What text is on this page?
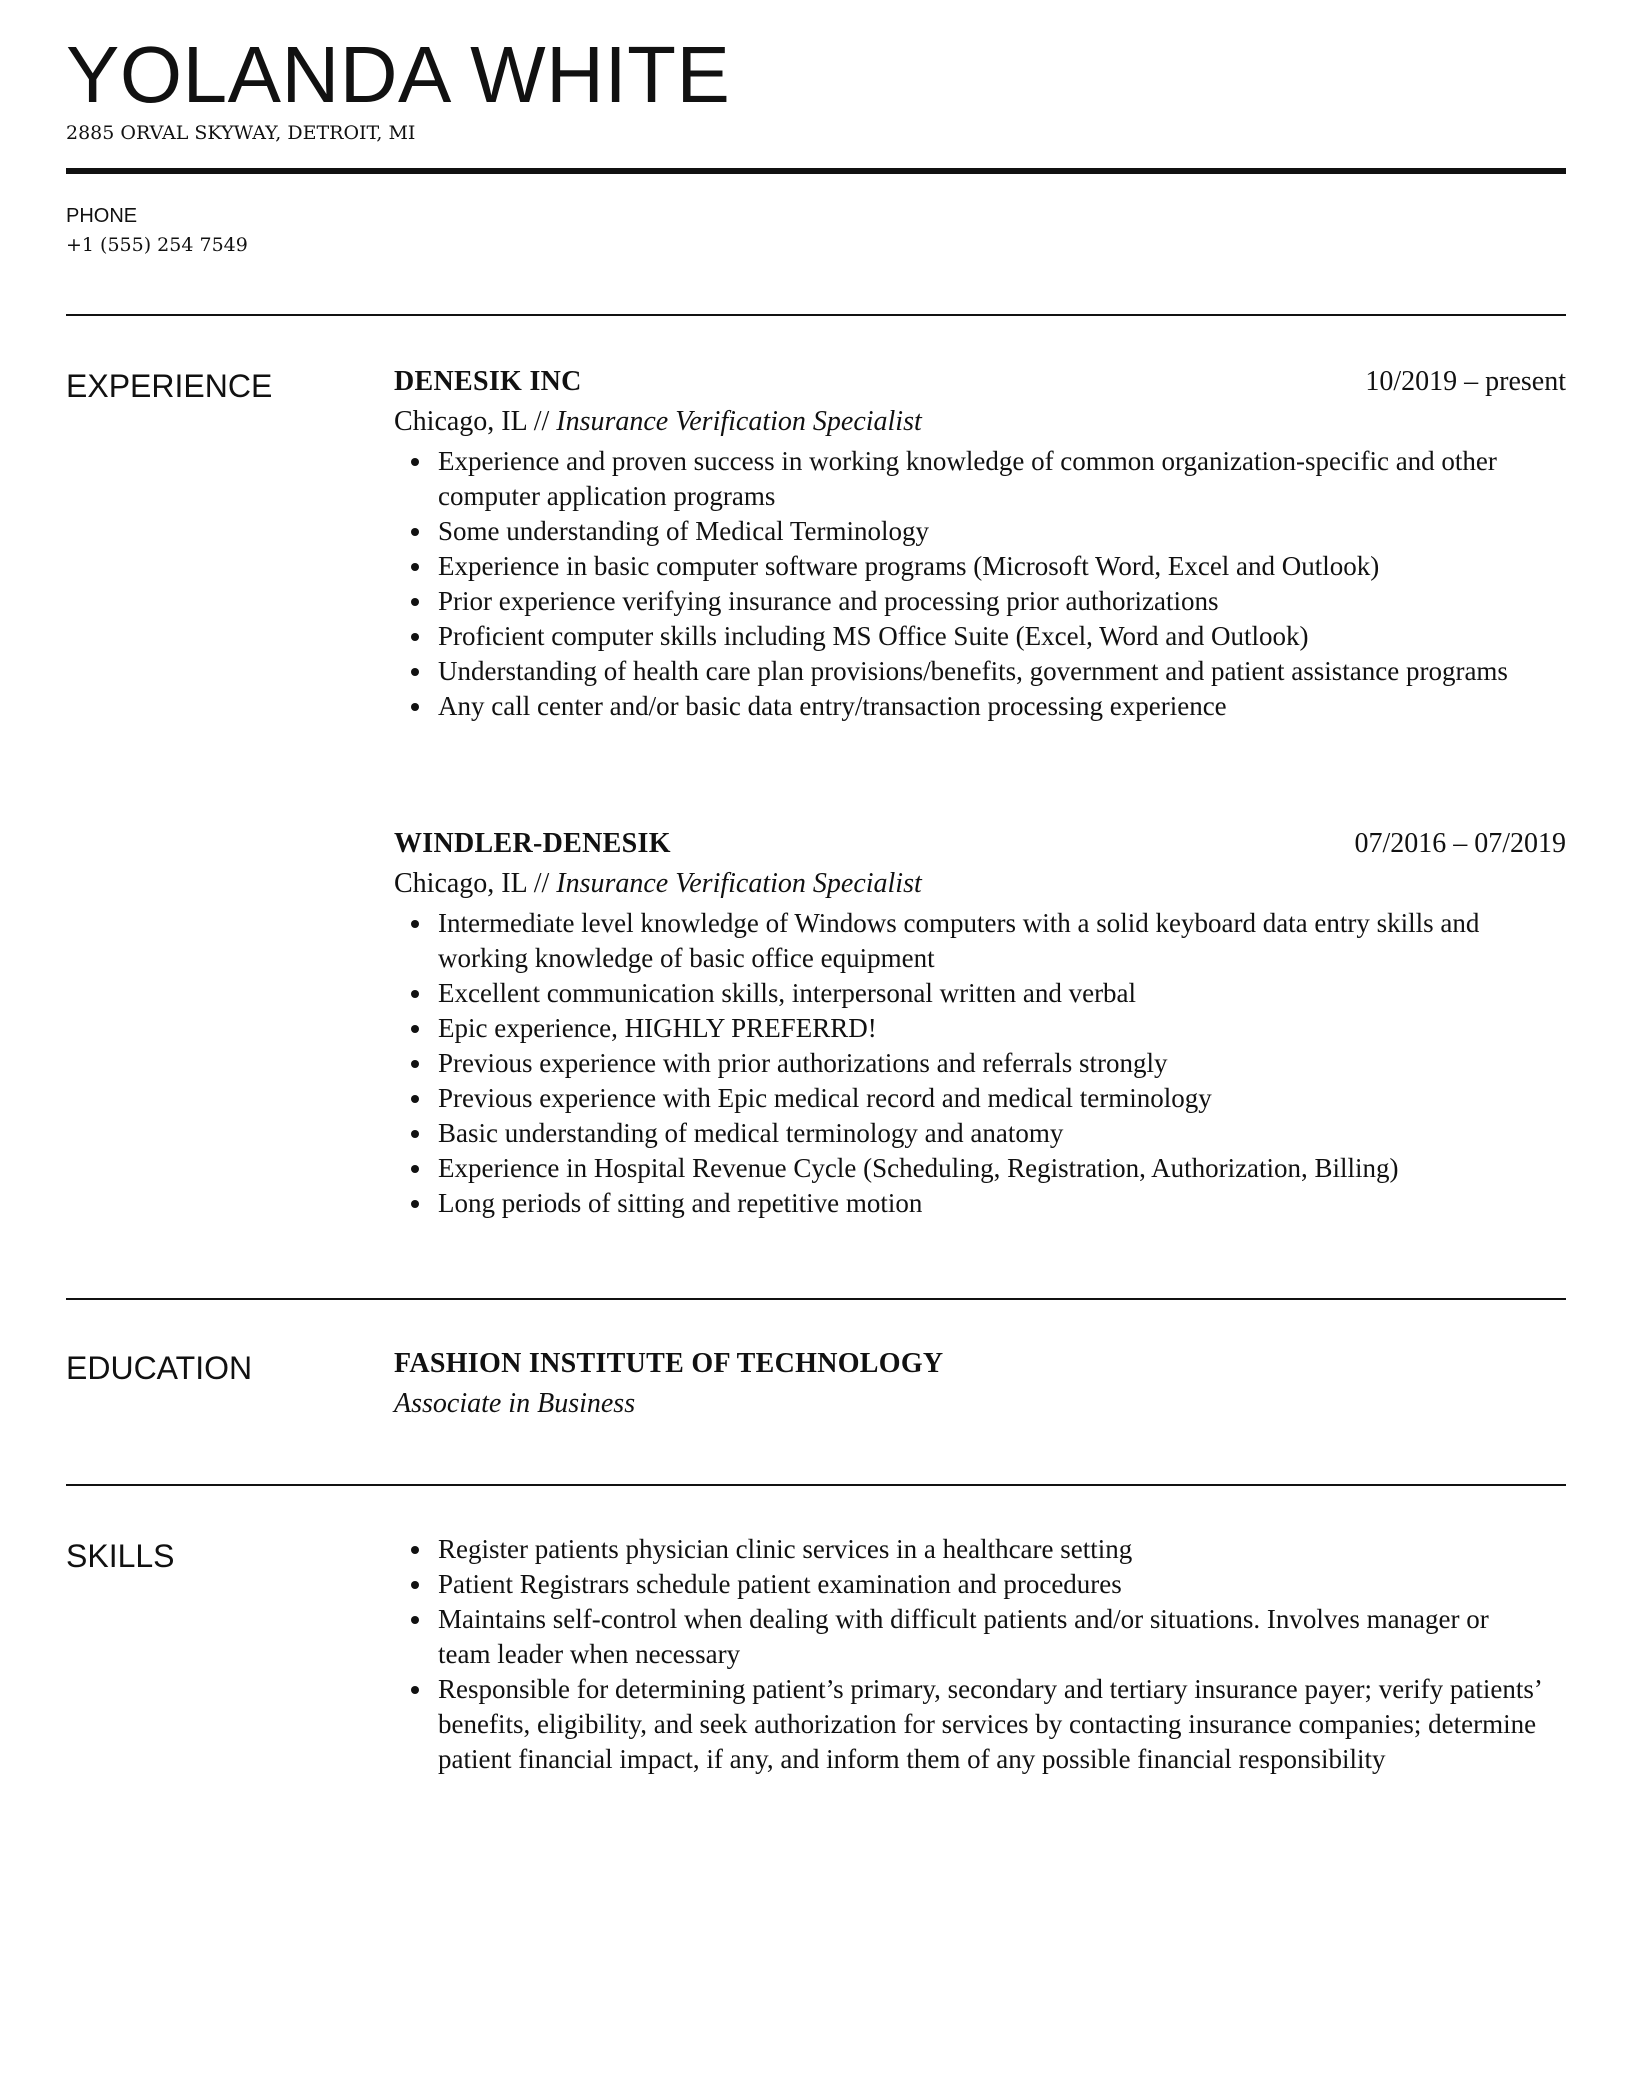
YOLANDA WHITE
2885 ORVAL SKYWAY, DETROIT, MI
PHONE
+1 (555) 254 7549
EXPERIENCE	DENESIK INC	10/2019 – present
Chicago, IL // Insurance Verification Specialist
Experience and proven success in working knowledge of common organization-specific and other computer application programs
Some understanding of Medical Terminology
Experience in basic computer software programs (Microsoft Word, Excel and Outlook)
Prior experience verifying insurance and processing prior authorizations
Proficient computer skills including MS Office Suite (Excel, Word and Outlook)
Understanding of health care plan provisions/benefits, government and patient assistance programs
Any call center and/or basic data entry/transaction processing experience
WINDLER-DENESIK	07/2016 – 07/2019
Chicago, IL // Insurance Verification Specialist
Intermediate level knowledge of Windows computers with a solid keyboard data entry skills and working knowledge of basic office equipment
Excellent communication skills, interpersonal written and verbal
Epic experience, HIGHLY PREFERRD!
Previous experience with prior authorizations and referrals strongly
Previous experience with Epic medical record and medical terminology
Basic understanding of medical terminology and anatomy
Experience in Hospital Revenue Cycle (Scheduling, Registration, Authorization, Billing)
Long periods of sitting and repetitive motion
EDUCATION	FASHION INSTITUTE OF TECHNOLOGY
Associate in Business
SKILLS	Register patients physician clinic services in a healthcare setting
Patient Registrars schedule patient examination and procedures
Maintains self-control when dealing with difficult patients and/or situations. Involves manager or team leader when necessary
Responsible for determining patient’s primary, secondary and tertiary insurance payer; verify patients’ benefits, eligibility, and seek authorization for services by contacting insurance companies; determine patient financial impact, if any, and inform them of any possible financial responsibility
